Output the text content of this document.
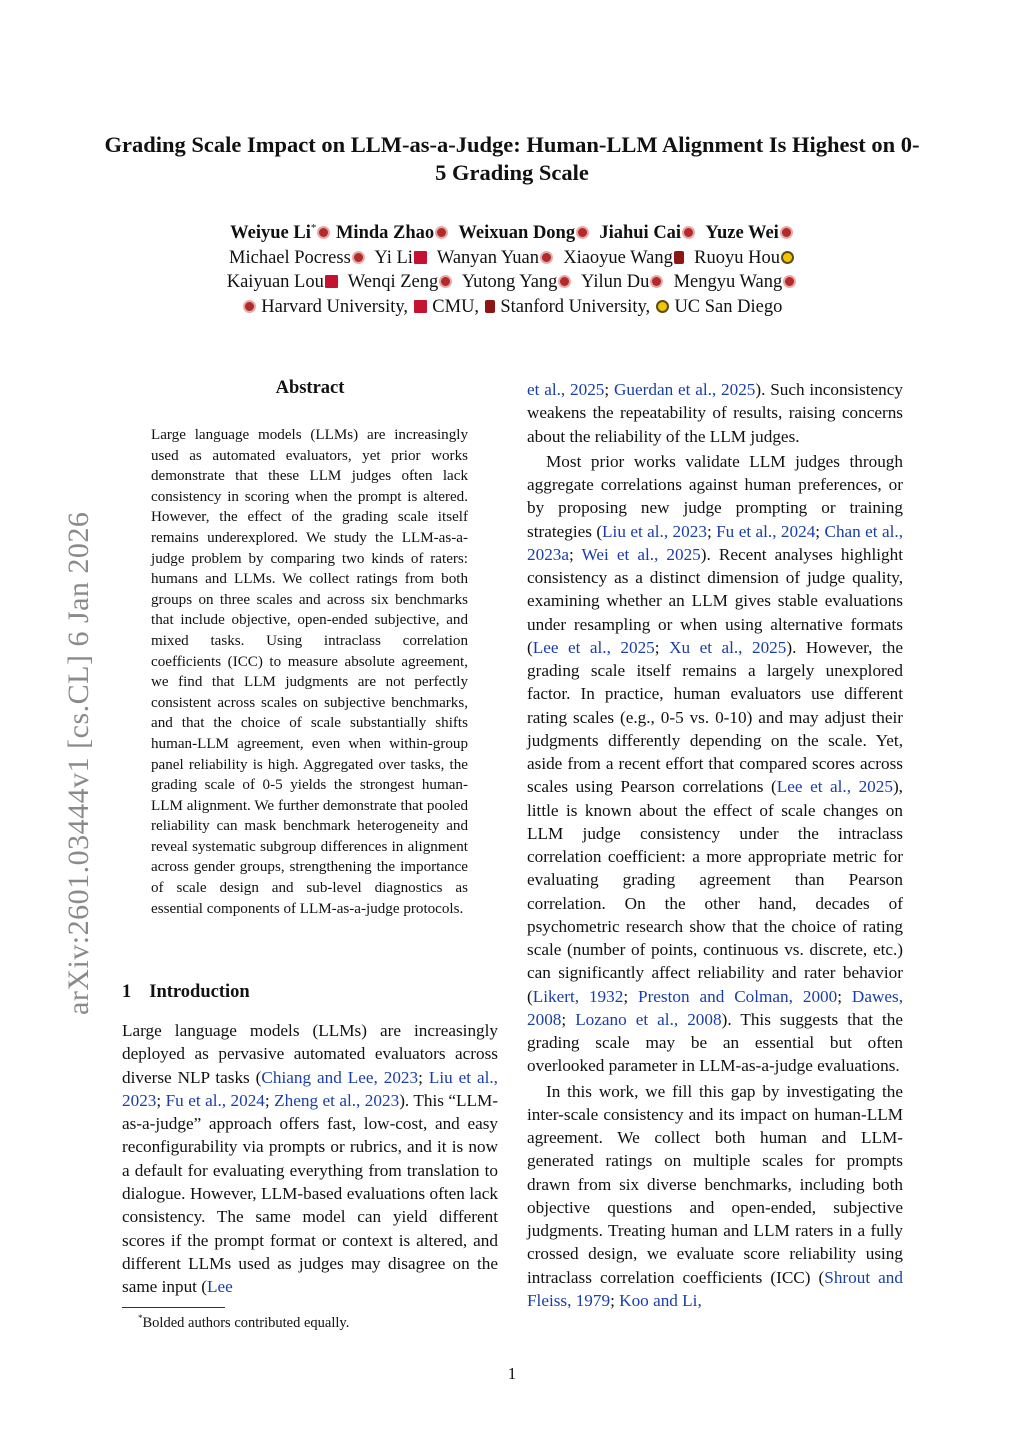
Grading Scale Impact on LLM-as-a-Judge: Human-LLM Alignment Is Highest on 0-5 Grading Scale
Weiyue Li* Minda Zhao Weixuan Dong Jiahui Cai Yuze Wei
Michael Pocress Yi Li Wanyan Yuan Xiaoyue Wang Ruoyu Hou
Kaiyuan Lou Wenqi Zeng Yutong Yang Yilun Du Mengyu Wang
Harvard University, CMU, Stanford University, UC San Diego
arXiv:2601.03444v1 [cs.CL] 6 Jan 2026
Abstract
Large language models (LLMs) are increasingly used as automated evaluators, yet prior works demonstrate that these LLM judges often lack consistency in scoring when the prompt is altered. However, the effect of the grading scale itself remains underexplored. We study the LLM-as-a-judge problem by comparing two kinds of raters: humans and LLMs. We collect ratings from both groups on three scales and across six benchmarks that include objective, open-ended subjective, and mixed tasks. Using intraclass correlation coefficients (ICC) to measure absolute agreement, we find that LLM judgments are not perfectly consistent across scales on subjective benchmarks, and that the choice of scale substantially shifts human-LLM agreement, even when within-group panel reliability is high. Aggregated over tasks, the grading scale of 0-5 yields the strongest human-LLM alignment. We further demonstrate that pooled reliability can mask benchmark heterogeneity and reveal systematic subgroup differences in alignment across gender groups, strengthening the importance of scale design and sub-level diagnostics as essential components of LLM-as-a-judge protocols.
1 Introduction

Large language models (LLMs) are increasingly deployed as pervasive automated evaluators across diverse NLP tasks (Chiang and Lee, 2023; Liu et al., 2023; Fu et al., 2024; Zheng et al., 2023). This “LLM-as-a-judge” approach offers fast, low-cost, and easy reconfigurability via prompts or rubrics, and it is now a default for evaluating everything from translation to dialogue. However, LLM-based evaluations often lack consistency. The same model can yield different scores if the prompt format or context is altered, and different LLMs used as judges may disagree on the same input (Lee

et al., 2025; Guerdan et al., 2025). Such inconsistency weakens the repeatability of results, raising concerns about the reliability of the LLM judges.

Most prior works validate LLM judges through aggregate correlations against human preferences, or by proposing new judge prompting or training strategies (Liu et al., 2023; Fu et al., 2024; Chan et al., 2023a; Wei et al., 2025). Recent analyses highlight consistency as a distinct dimension of judge quality, examining whether an LLM gives stable evaluations under resampling or when using alternative formats (Lee et al., 2025; Xu et al., 2025). However, the grading scale itself remains a largely unexplored factor. In practice, human evaluators use different rating scales (e.g., 0-5 vs. 0-10) and may adjust their judgments differently depending on the scale. Yet, aside from a recent effort that compared scores across scales using Pearson correlations (Lee et al., 2025), little is known about the effect of scale changes on LLM judge consistency under the intraclass correlation coefficient: a more appropriate metric for evaluating grading agreement than Pearson correlation. On the other hand, decades of psychometric research show that the choice of rating scale (number of points, continuous vs. discrete, etc.) can significantly affect reliability and rater behavior (Likert, 1932; Preston and Colman, 2000; Dawes, 2008; Lozano et al., 2008). This suggests that the grading scale may be an essential but often overlooked parameter in LLM-as-a-judge evaluations.

In this work, we fill this gap by investigating the inter-scale consistency and its impact on human-LLM agreement. We collect both human and LLM-generated ratings on multiple scales for prompts drawn from six diverse benchmarks, including both objective questions and open-ended, subjective judgments. Treating human and LLM raters in a fully crossed design, we evaluate score reliability using intraclass correlation coefficients (ICC) (Shrout and Fleiss, 1979; Koo and Li,

*Bolded authors contributed equally.
1
